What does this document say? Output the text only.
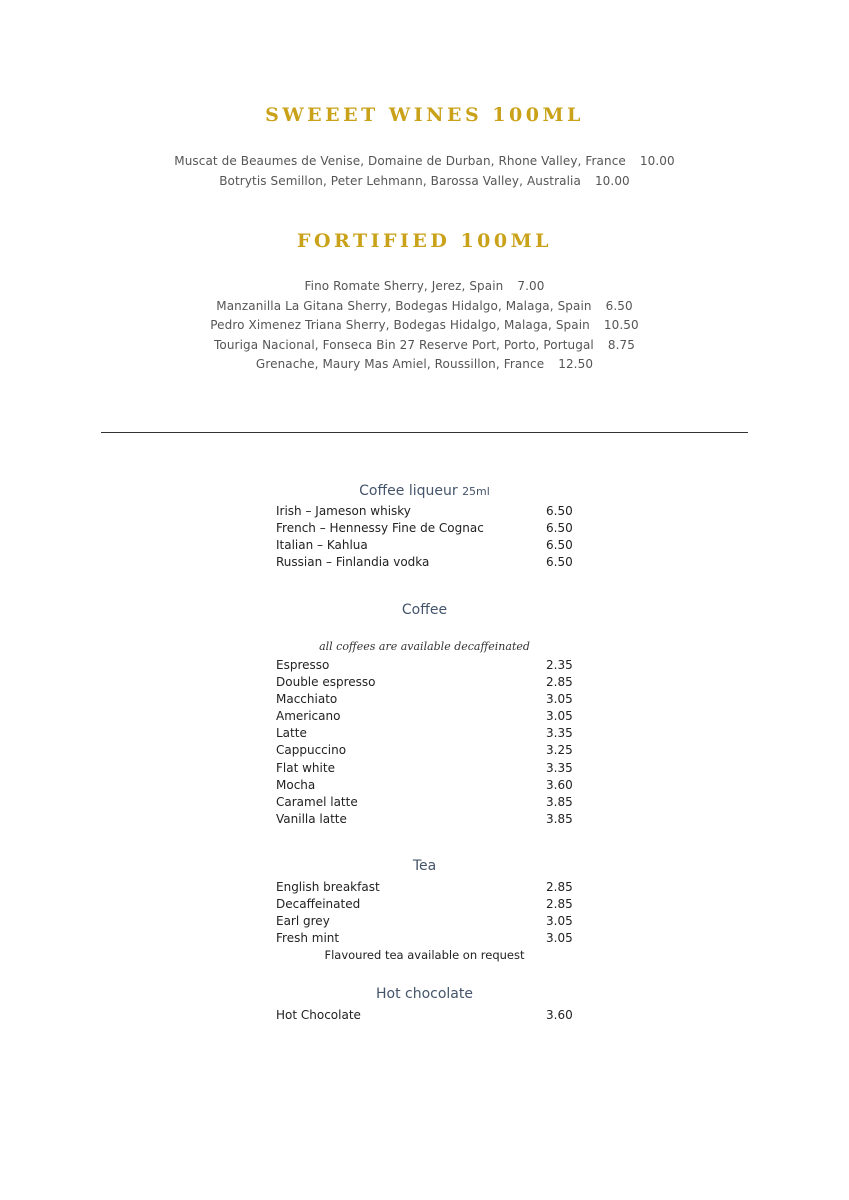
SWEEET WINES 100ML
Muscat de Beaumes de Venise, Domaine de Durban, Rhone Valley, France 10.00
Botrytis Semillon, Peter Lehmann, Barossa Valley, Australia 10.00
FORTIFIED 100ML
Fino Romate Sherry, Jerez, Spain 7.00
Manzanilla La Gitana Sherry, Bodegas Hidalgo, Malaga, Spain 6.50
Pedro Ximenez Triana Sherry, Bodegas Hidalgo, Malaga, Spain 10.50
Touriga Nacional, Fonseca Bin 27 Reserve Port, Porto, Portugal 8.75
Grenache, Maury Mas Amiel, Roussillon, France 12.50
Coffee liqueur 25ml
Irish – Jameson whisky	6.50
French – Hennessy Fine de Cognac	6.50
Italian – Kahlua	6.50
Russian – Finlandia vodka	6.50
Coffee
all coffees are available decaffeinated
Espresso	2.35
Double espresso	2.85
Macchiato	3.05
Americano	3.05
Latte	3.35
Cappuccino	3.25
Flat white	3.35
Mocha	3.60
Caramel latte	3.85
Vanilla latte	3.85
Tea
English breakfast	2.85
Decaffeinated	2.85
Earl grey	3.05
Fresh mint	3.05
Flavoured tea available on request
Hot chocolate
Hot Chocolate	3.60
